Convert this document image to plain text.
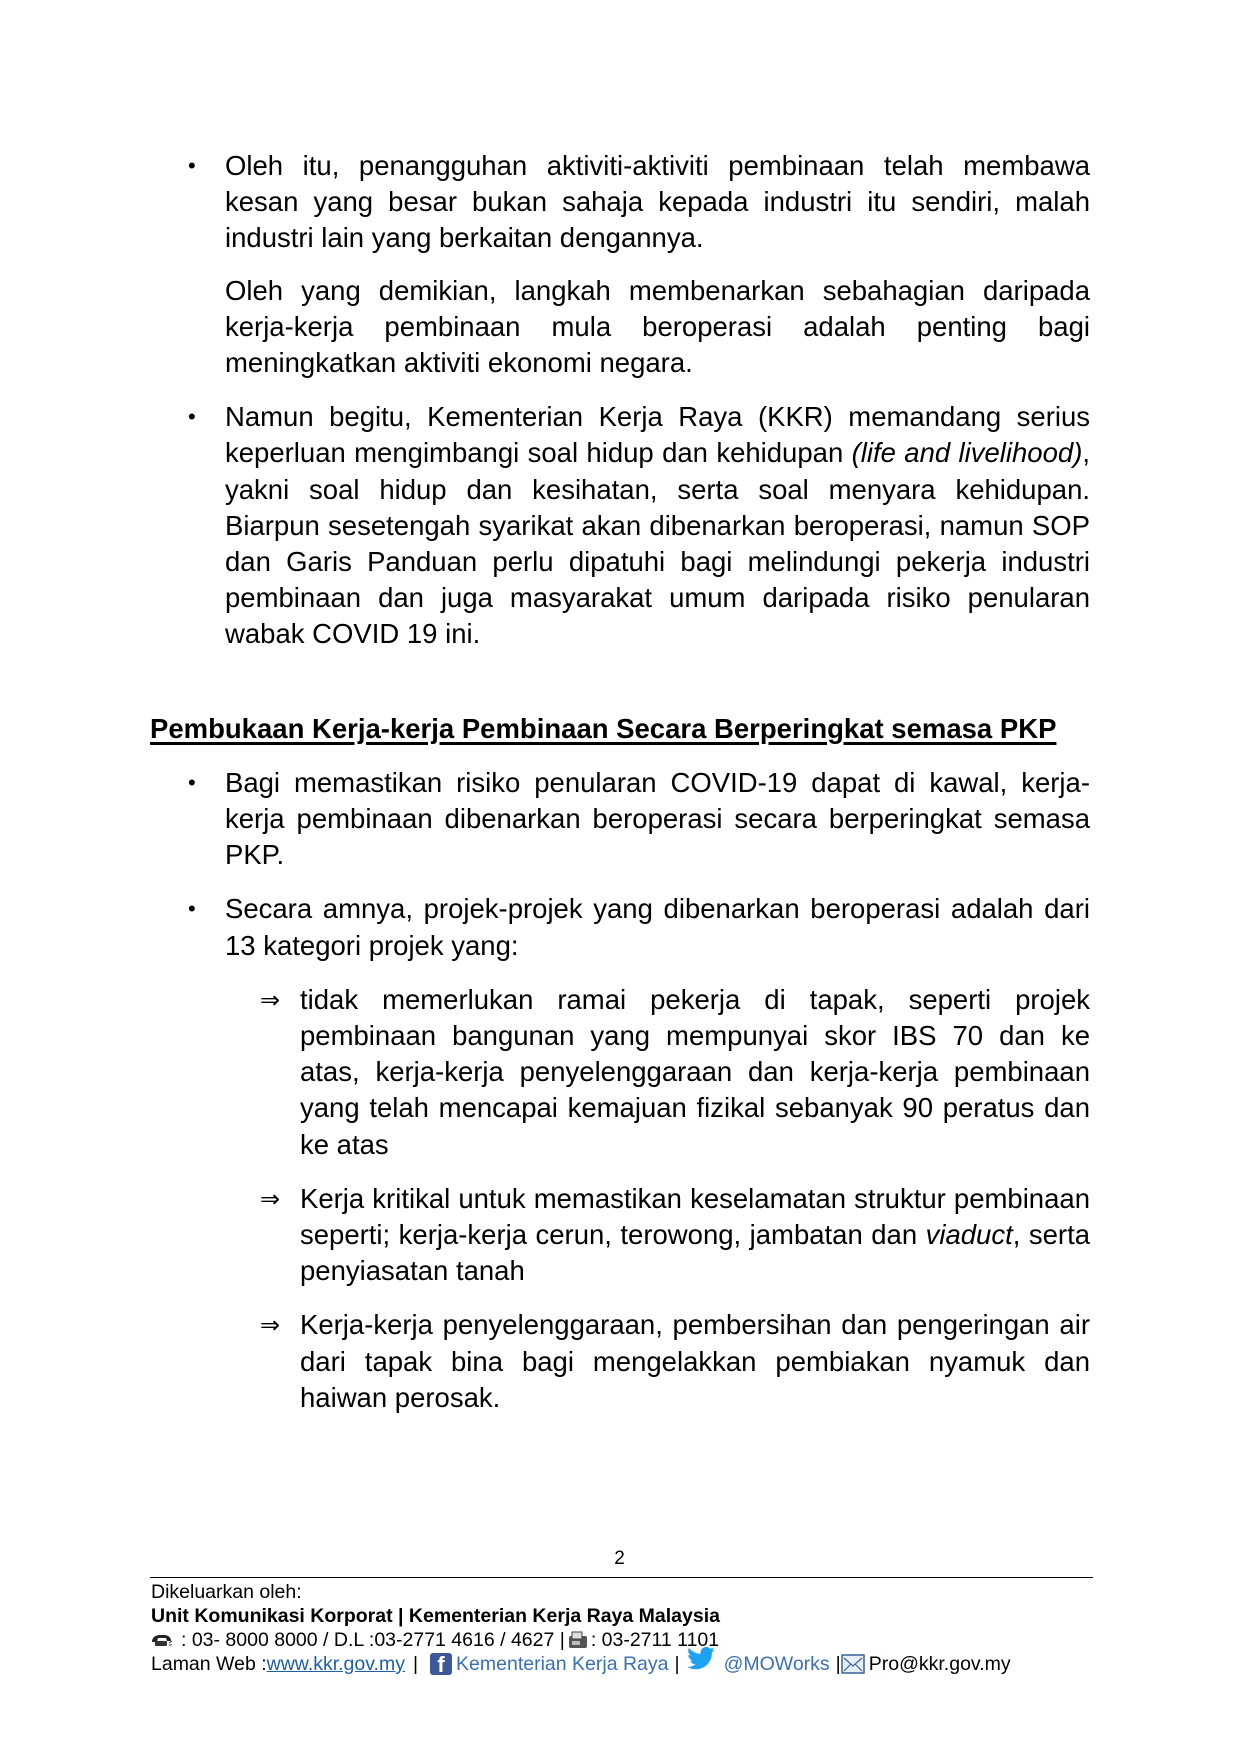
• Oleh itu, penangguhan aktiviti-aktiviti pembinaan telah membawa kesan yang besar bukan sahaja kepada industri itu sendiri, malah industri lain yang berkaitan dengannya.

Oleh yang demikian, langkah membenarkan sebahagian daripada kerja-kerja pembinaan mula beroperasi adalah penting bagi meningkatkan aktiviti ekonomi negara.

• Namun begitu, Kementerian Kerja Raya (KKR) memandang serius keperluan mengimbangi soal hidup dan kehidupan (life and livelihood), yakni soal hidup dan kesihatan, serta soal menyara kehidupan. Biarpun sesetengah syarikat akan dibenarkan beroperasi, namun SOP dan Garis Panduan perlu dipatuhi bagi melindungi pekerja industri pembinaan dan juga masyarakat umum daripada risiko penularan wabak COVID 19 ini.

Pembukaan Kerja-kerja Pembinaan Secara Berperingkat semasa PKP

• Bagi memastikan risiko penularan COVID-19 dapat di kawal, kerja-kerja pembinaan dibenarkan beroperasi secara berperingkat semasa PKP.

• Secara amnya, projek-projek yang dibenarkan beroperasi adalah dari 13 kategori projek yang:

⇒ tidak memerlukan ramai pekerja di tapak, seperti projek pembinaan bangunan yang mempunyai skor IBS 70 dan ke atas, kerja-kerja penyelenggaraan dan kerja-kerja pembinaan yang telah mencapai kemajuan fizikal sebanyak 90 peratus dan ke atas

⇒ Kerja kritikal untuk memastikan keselamatan struktur pembinaan seperti; kerja-kerja cerun, terowong, jambatan dan viaduct, serta penyiasatan tanah

⇒ Kerja-kerja penyelenggaraan, pembersihan dan pengeringan air dari tapak bina bagi mengelakkan pembiakan nyamuk dan haiwan perosak.

2
Dikeluarkan oleh:
Unit Komunikasi Korporat | Kementerian Kerja Raya Malaysia
: 03- 8000 8000 / D.L :03-2771 4616 / 4627 | : 03-2711 1101
Laman Web : www.kkr.gov.my | f Kementerian Kerja Raya | @MOWorks | Pro@kkr.gov.my
